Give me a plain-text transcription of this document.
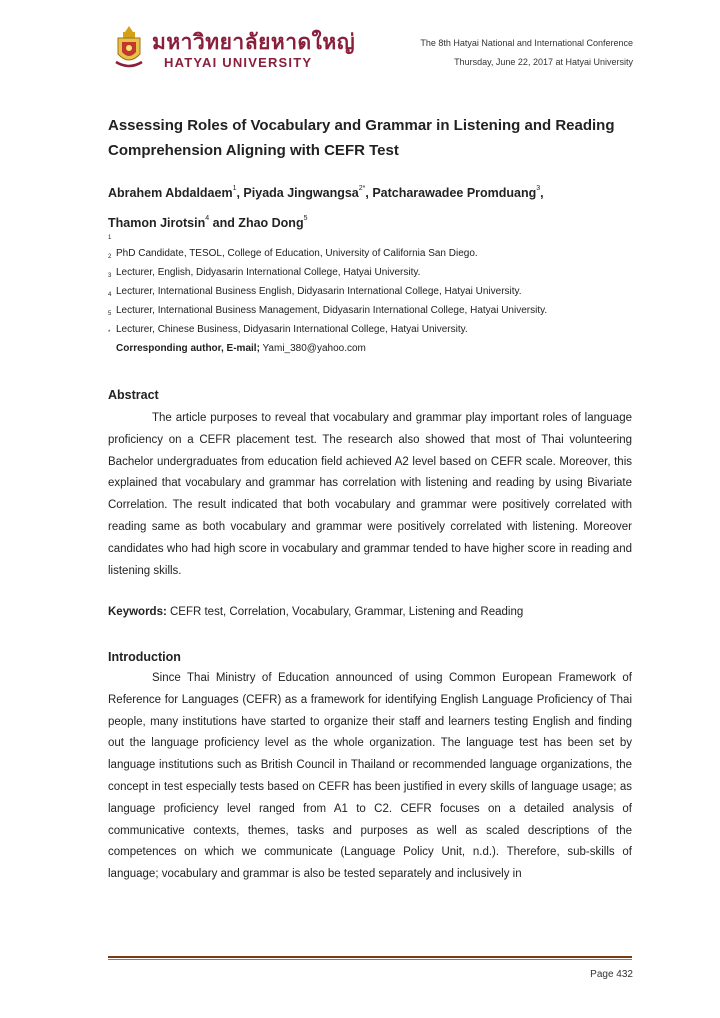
มหาวิทยาลัยหาดใหญ่
HATYAI UNIVERSITY
The 8th Hatyai National and International Conference
Thursday, June 22, 2017 at Hatyai University
Assessing Roles of Vocabulary and Grammar in Listening and Reading
Comprehension Aligning with CEFR Test
Abrahem Abdaldaem$^1$, Piyada Jingwangsa$^{2*}$, Patcharawadee Promduang$^3$,
Thamon Jirotsin$^4$ and Zhao Dong$^5$
1
PhD Candidate, TESOL, College of Education, University of California San Diego.
2
Lecturer, English, Didyasarin International College, Hatyai University.
3
Lecturer, International Business English, Didyasarin International College, Hatyai University.
4
Lecturer, International Business Management, Didyasarin International College, Hatyai University.
5
Lecturer, Chinese Business, Didyasarin International College, Hatyai University.
*
Corresponding author, E-mail; Yami_380@yahoo.com
Abstract

The article purposes to reveal that vocabulary and grammar play important roles of language proficiency on a CEFR placement test. The research also showed that most of Thai volunteering Bachelor undergraduates from education field achieved A2 level based on CEFR scale. Moreover, this explained that vocabulary and grammar has correlation with listening and reading by using Bivariate Correlation. The result indicated that both vocabulary and grammar were positively correlated with reading same as both vocabulary and grammar were positively correlated with listening. Moreover candidates who had high score in vocabulary and grammar tended to have higher score in reading and listening skills.

Keywords: CEFR test, Correlation, Vocabulary, Grammar, Listening and Reading
Introduction

Since Thai Ministry of Education announced of using Common European Framework of Reference for Languages (CEFR) as a framework for identifying English Language Proficiency of Thai people, many institutions have started to organize their staff and learners testing English and finding out the language proficiency level as the whole organization. The language test has been set by language institutions such as British Council in Thailand or recommended language organizations, the concept in test especially tests based on CEFR has been justified in every skills of language usage; as language proficiency level ranged from A1 to C2. CEFR focuses on a detailed analysis of communicative contexts, themes, tasks and purposes as well as scaled descriptions of the competences on which we communicate (Language Policy Unit, n.d.). Therefore, sub-skills of language; vocabulary and grammar is also be tested separately and inclusively in

Page 432
